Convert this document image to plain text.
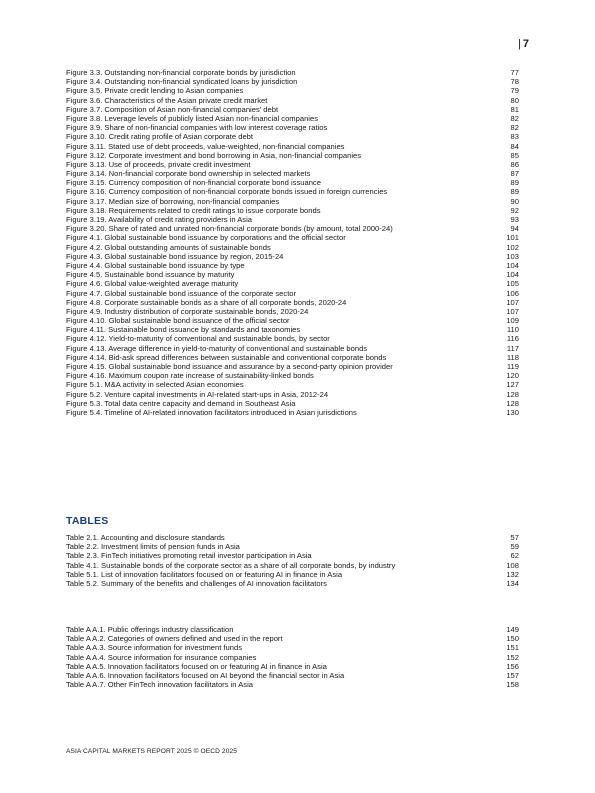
| 7
Figure 3.3. Outstanding non-financial corporate bonds by jurisdiction	77
Figure 3.4. Outstanding non-financial syndicated loans by jurisdiction	78
Figure 3.5. Private credit lending to Asian companies	79
Figure 3.6. Characteristics of the Asian private credit market	80
Figure 3.7. Composition of Asian non-financial companies' debt	81
Figure 3.8. Leverage levels of publicly listed Asian non-financial companies	82
Figure 3.9. Share of non-financial companies with low interest coverage ratios	82
Figure 3.10. Credit rating profile of Asian corporate debt	83
Figure 3.11. Stated use of debt proceeds, value-weighted, non-financial companies	84
Figure 3.12. Corporate investment and bond borrowing in Asia, non-financial companies	85
Figure 3.13. Use of proceeds, private credit investment	86
Figure 3.14. Non-financial corporate bond ownership in selected markets	87
Figure 3.15. Currency composition of non-financial corporate bond issuance	89
Figure 3.16. Currency composition of non-financial corporate bonds issued in foreign currencies	89
Figure 3.17. Median size of borrowing, non-financial companies	90
Figure 3.18. Requirements related to credit ratings to issue corporate bonds	92
Figure 3.19. Availability of credit rating providers in Asia	93
Figure 3.20. Share of rated and unrated non-financial corporate bonds (by amount, total 2000-24)	94
Figure 4.1. Global sustainable bond issuance by corporations and the official sector	101
Figure 4.2. Global outstanding amounts of sustainable bonds	102
Figure 4.3. Global sustainable bond issuance by region, 2015-24	103
Figure 4.4. Global sustainable bond issuance by type	104
Figure 4.5. Sustainable bond issuance by maturity	104
Figure 4.6. Global value-weighted average maturity	105
Figure 4.7. Global sustainable bond issuance of the corporate sector	106
Figure 4.8. Corporate sustainable bonds as a share of all corporate bonds, 2020-24	107
Figure 4.9. Industry distribution of corporate sustainable bonds, 2020-24	107
Figure 4.10. Global sustainable bond issuance of the official sector	109
Figure 4.11. Sustainable bond issuance by standards and taxonomies	110
Figure 4.12. Yield-to-maturity of conventional and sustainable bonds, by sector	116
Figure 4.13. Average difference in yield-to-maturity of conventional and sustainable bonds	117
Figure 4.14. Bid-ask spread differences between sustainable and conventional corporate bonds	118
Figure 4.15. Global sustainable bond issuance and assurance by a second-party opinion provider	119
Figure 4.16. Maximum coupon rate increase of sustainability-linked bonds	120
Figure 5.1. M&A activity in selected Asian economies	127
Figure 5.2. Venture capital investments in AI-related start-ups in Asia, 2012-24	128
Figure 5.3. Total data centre capacity and demand in Southeast Asia	128
Figure 5.4. Timeline of AI-related innovation facilitators introduced in Asian jurisdictions	130
TABLES
Table 2.1. Accounting and disclosure standards	57
Table 2.2. Investment limits of pension funds in Asia	59
Table 2.3. FinTech initiatives promoting retail investor participation in Asia	62
Table 4.1. Sustainable bonds of the corporate sector as a share of all corporate bonds, by industry	108
Table 5.1. List of innovation facilitators focused on or featuring AI in finance in Asia	132
Table 5.2. Summary of the benefits and challenges of AI innovation facilitators	134
Table A A.1. Public offerings industry classification	149
Table A A.2. Categories of owners defined and used in the report	150
Table A A.3. Source information for investment funds	151
Table A A.4. Source information for insurance companies	152
Table A A.5. Innovation facilitators focused on or featuring AI in finance in Asia	156
Table A A.6. Innovation facilitators focused on AI beyond the financial sector in Asia	157
Table A A.7. Other FinTech innovation facilitators in Asia	158
ASIA CAPITAL MARKETS REPORT 2025 © OECD 2025
